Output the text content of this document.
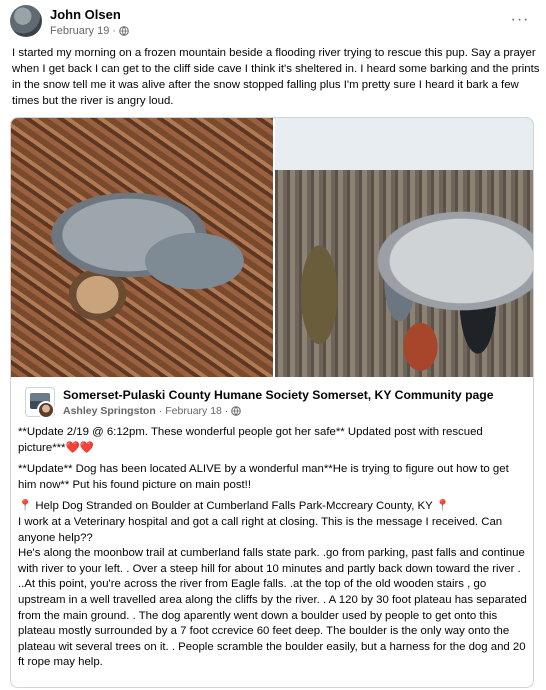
John Olsen
February 19 ·
···
I started my morning on a frozen mountain beside a flooding river trying to rescue this pup. Say a prayer when I get back I can get to the cliff side cave I think it's sheltered in. I heard some barking and the prints in the snow tell me it was alive after the snow stopped falling plus I'm pretty sure I heard it bark a few times but the river is angry loud.
Somerset-Pulaski County Humane Society Somerset, KY Community page
Ashley Springston · February 18 ·

**Update 2/19 @ 6:12pm. These wonderful people got her safe** Updated post with rescued picture***❤️❤️

**Update** Dog has been located ALIVE by a wonderful man**He is trying to figure out how to get him now** Put his found picture on main post!!

📍 Help Dog Stranded on Boulder at Cumberland Falls Park-Mccreary County, KY 📍

I work at a Veterinary hospital and got a call right at closing. This is the message I received. Can anyone help??

He's along the moonbow trail at cumberland falls state park. .go from parking, past falls and continue with river to your left. . Over a steep hill for about 10 minutes and partly back down toward the river . ..At this point, you're across the river from Eagle falls. .at the top of the old wooden stairs , go upstream in a well travelled area along the cliffs by the river. . A 120 by 30 foot plateau has separated from the main ground. . The dog aparently went down a boulder used by people to get onto this plateau mostly surrounded by a 7 foot ccrevice 60 feet deep. The boulder is the only way onto the plateau wit several trees on it. . People scramble the boulder easily, but a harness for the dog and 20 ft rope may help.
